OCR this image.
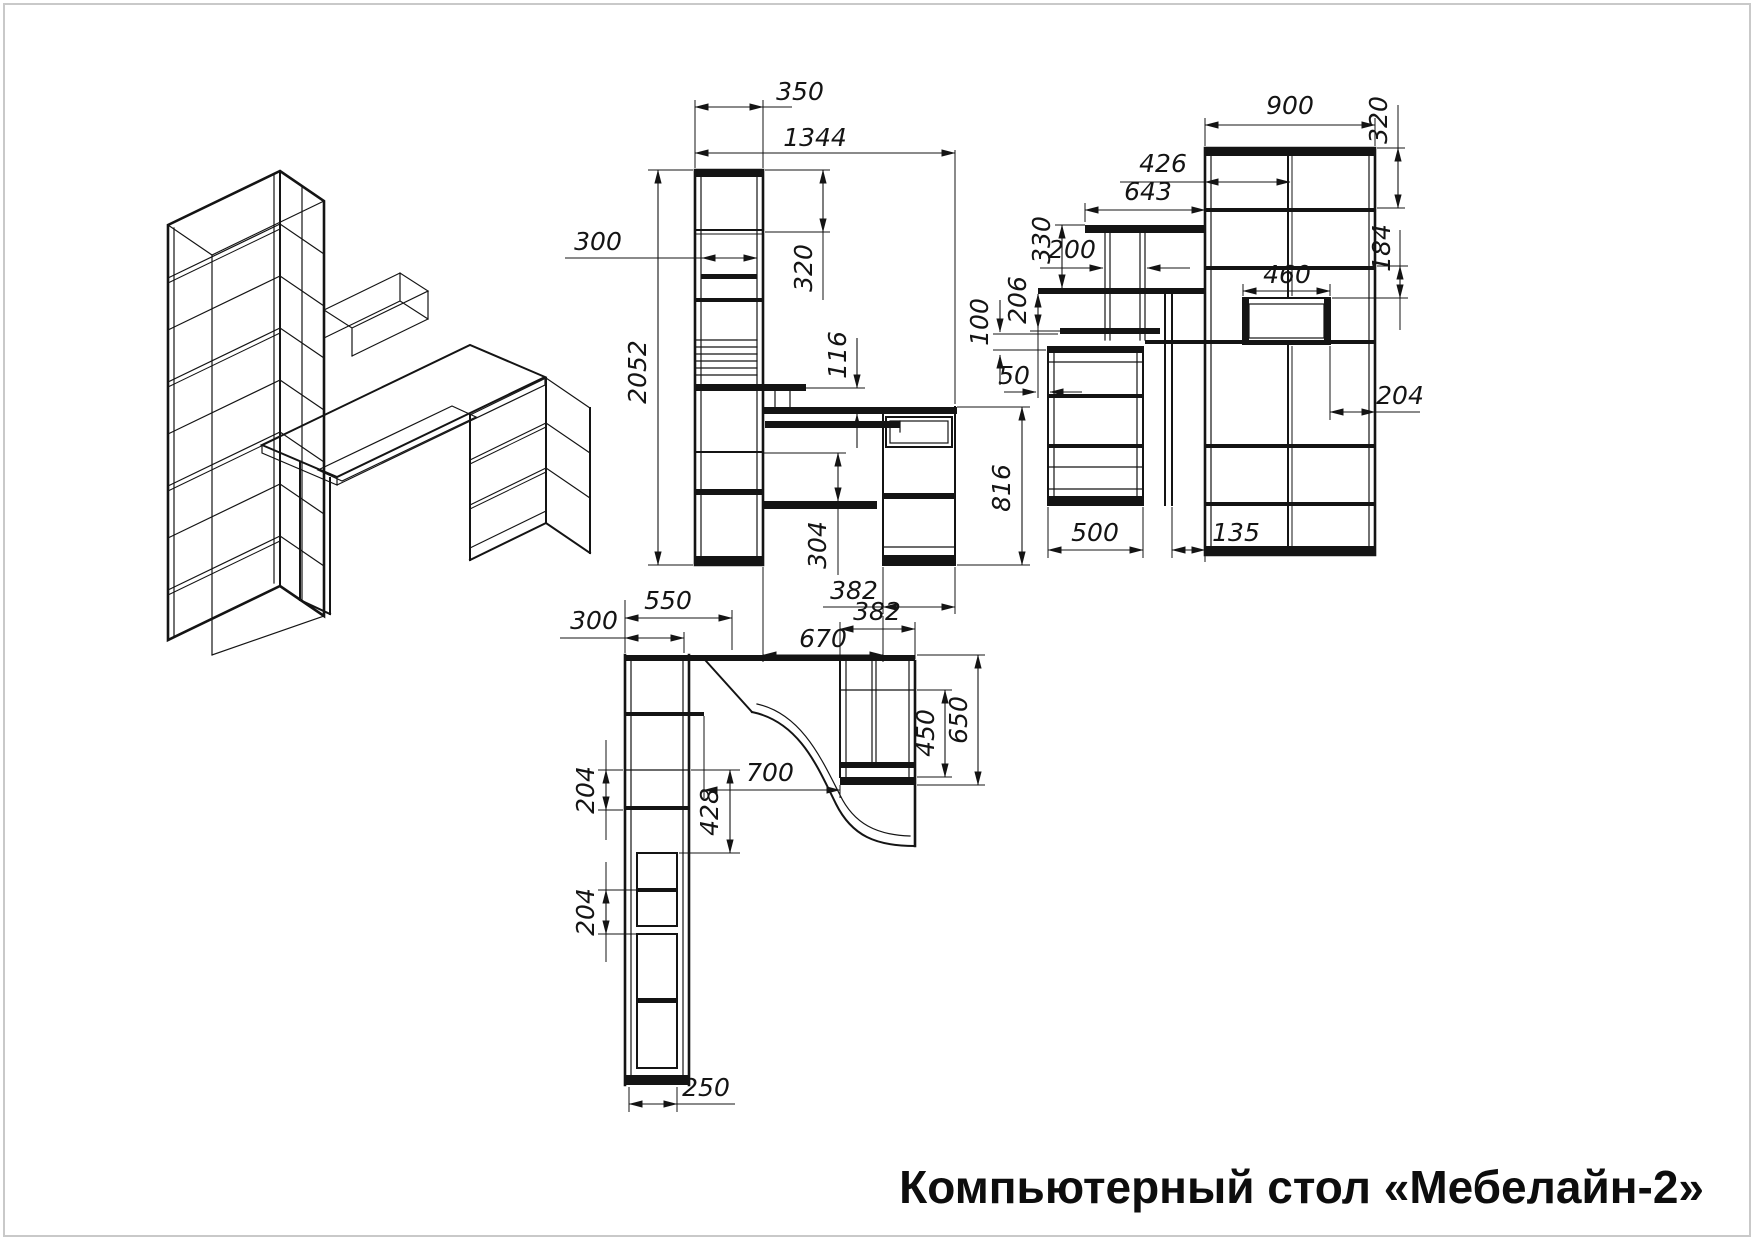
350
1344
300
320
2052	116
816
304
382
670
900 320
426
643
460
184
204
330
206
200
100
50
500	135
550
300	382
700
450 650
204
204
428
250
Компьютерный стол «Мебелайн-2»
